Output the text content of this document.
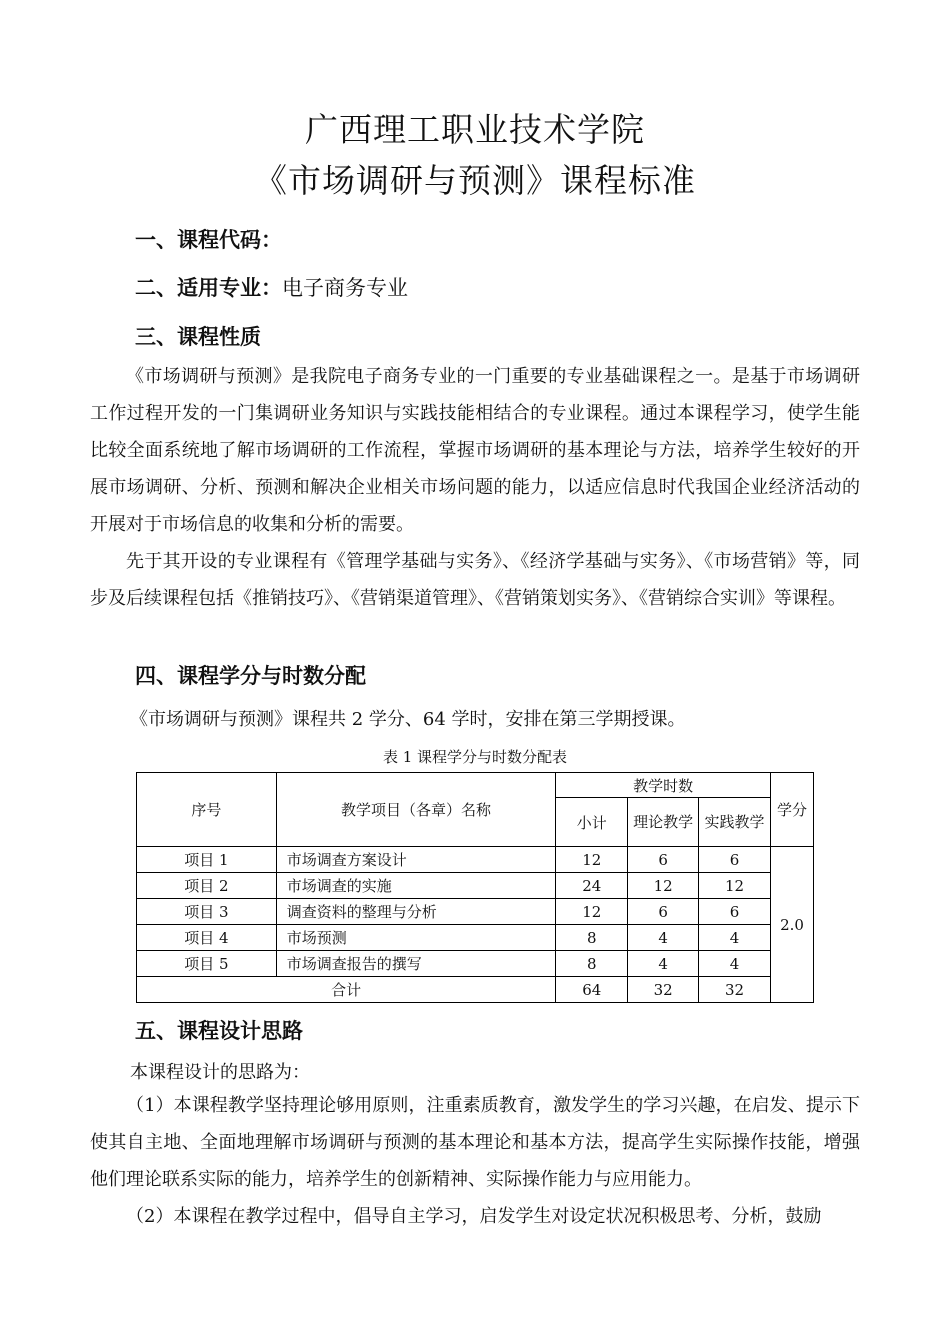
广西理工职业技术学院
《市场调研与预测》课程标准
一、课程代码：
二、适用专业：电子商务专业
三、课程性质
《市场调研与预测》是我院电子商务专业的一门重要的专业基础课程之一。是基于市场调研工作过程开发的一门集调研业务知识与实践技能相结合的专业课程。通过本课程学习，使学生能比较全面系统地了解市场调研的工作流程，掌握市场调研的基本理论与方法，培养学生较好的开展市场调研、分析、预测和解决企业相关市场问题的能力，以适应信息时代我国企业经济活动的开展对于市场信息的收集和分析的需要。
先于其开设的专业课程有《管理学基础与实务》、《经济学基础与实务》、《市场营销》等，同步及后续课程包括《推销技巧》、《营销渠道管理》、《营销策划实务》、《营销综合实训》等课程。
四、课程学分与时数分配
《市场调研与预测》课程共 2 学分、64 学时，安排在第三学期授课。
表 1 课程学分与时数分配表
序号	教学项目（各章）名称	教学时数			学分
		小计	理论教学	实践教学	
项目 1	市场调查方案设计	12	6	6	2.0
项目 2	市场调查的实施	24	12	12	
项目 3	调查资料的整理与分析	12	6	6	
项目 4	市场预测	8	4	4	
项目 5	市场调查报告的撰写	8	4	4	
合计		64	32	32	
五、课程设计思路
本课程设计的思路为：
（1）本课程教学坚持理论够用原则，注重素质教育，激发学生的学习兴趣，在启发、提示下使其自主地、全面地理解市场调研与预测的基本理论和基本方法，提高学生实际操作技能，增强他们理论联系实际的能力，培养学生的创新精神、实际操作能力与应用能力。
（2）本课程在教学过程中，倡导自主学习，启发学生对设定状况积极思考、分析，鼓励
